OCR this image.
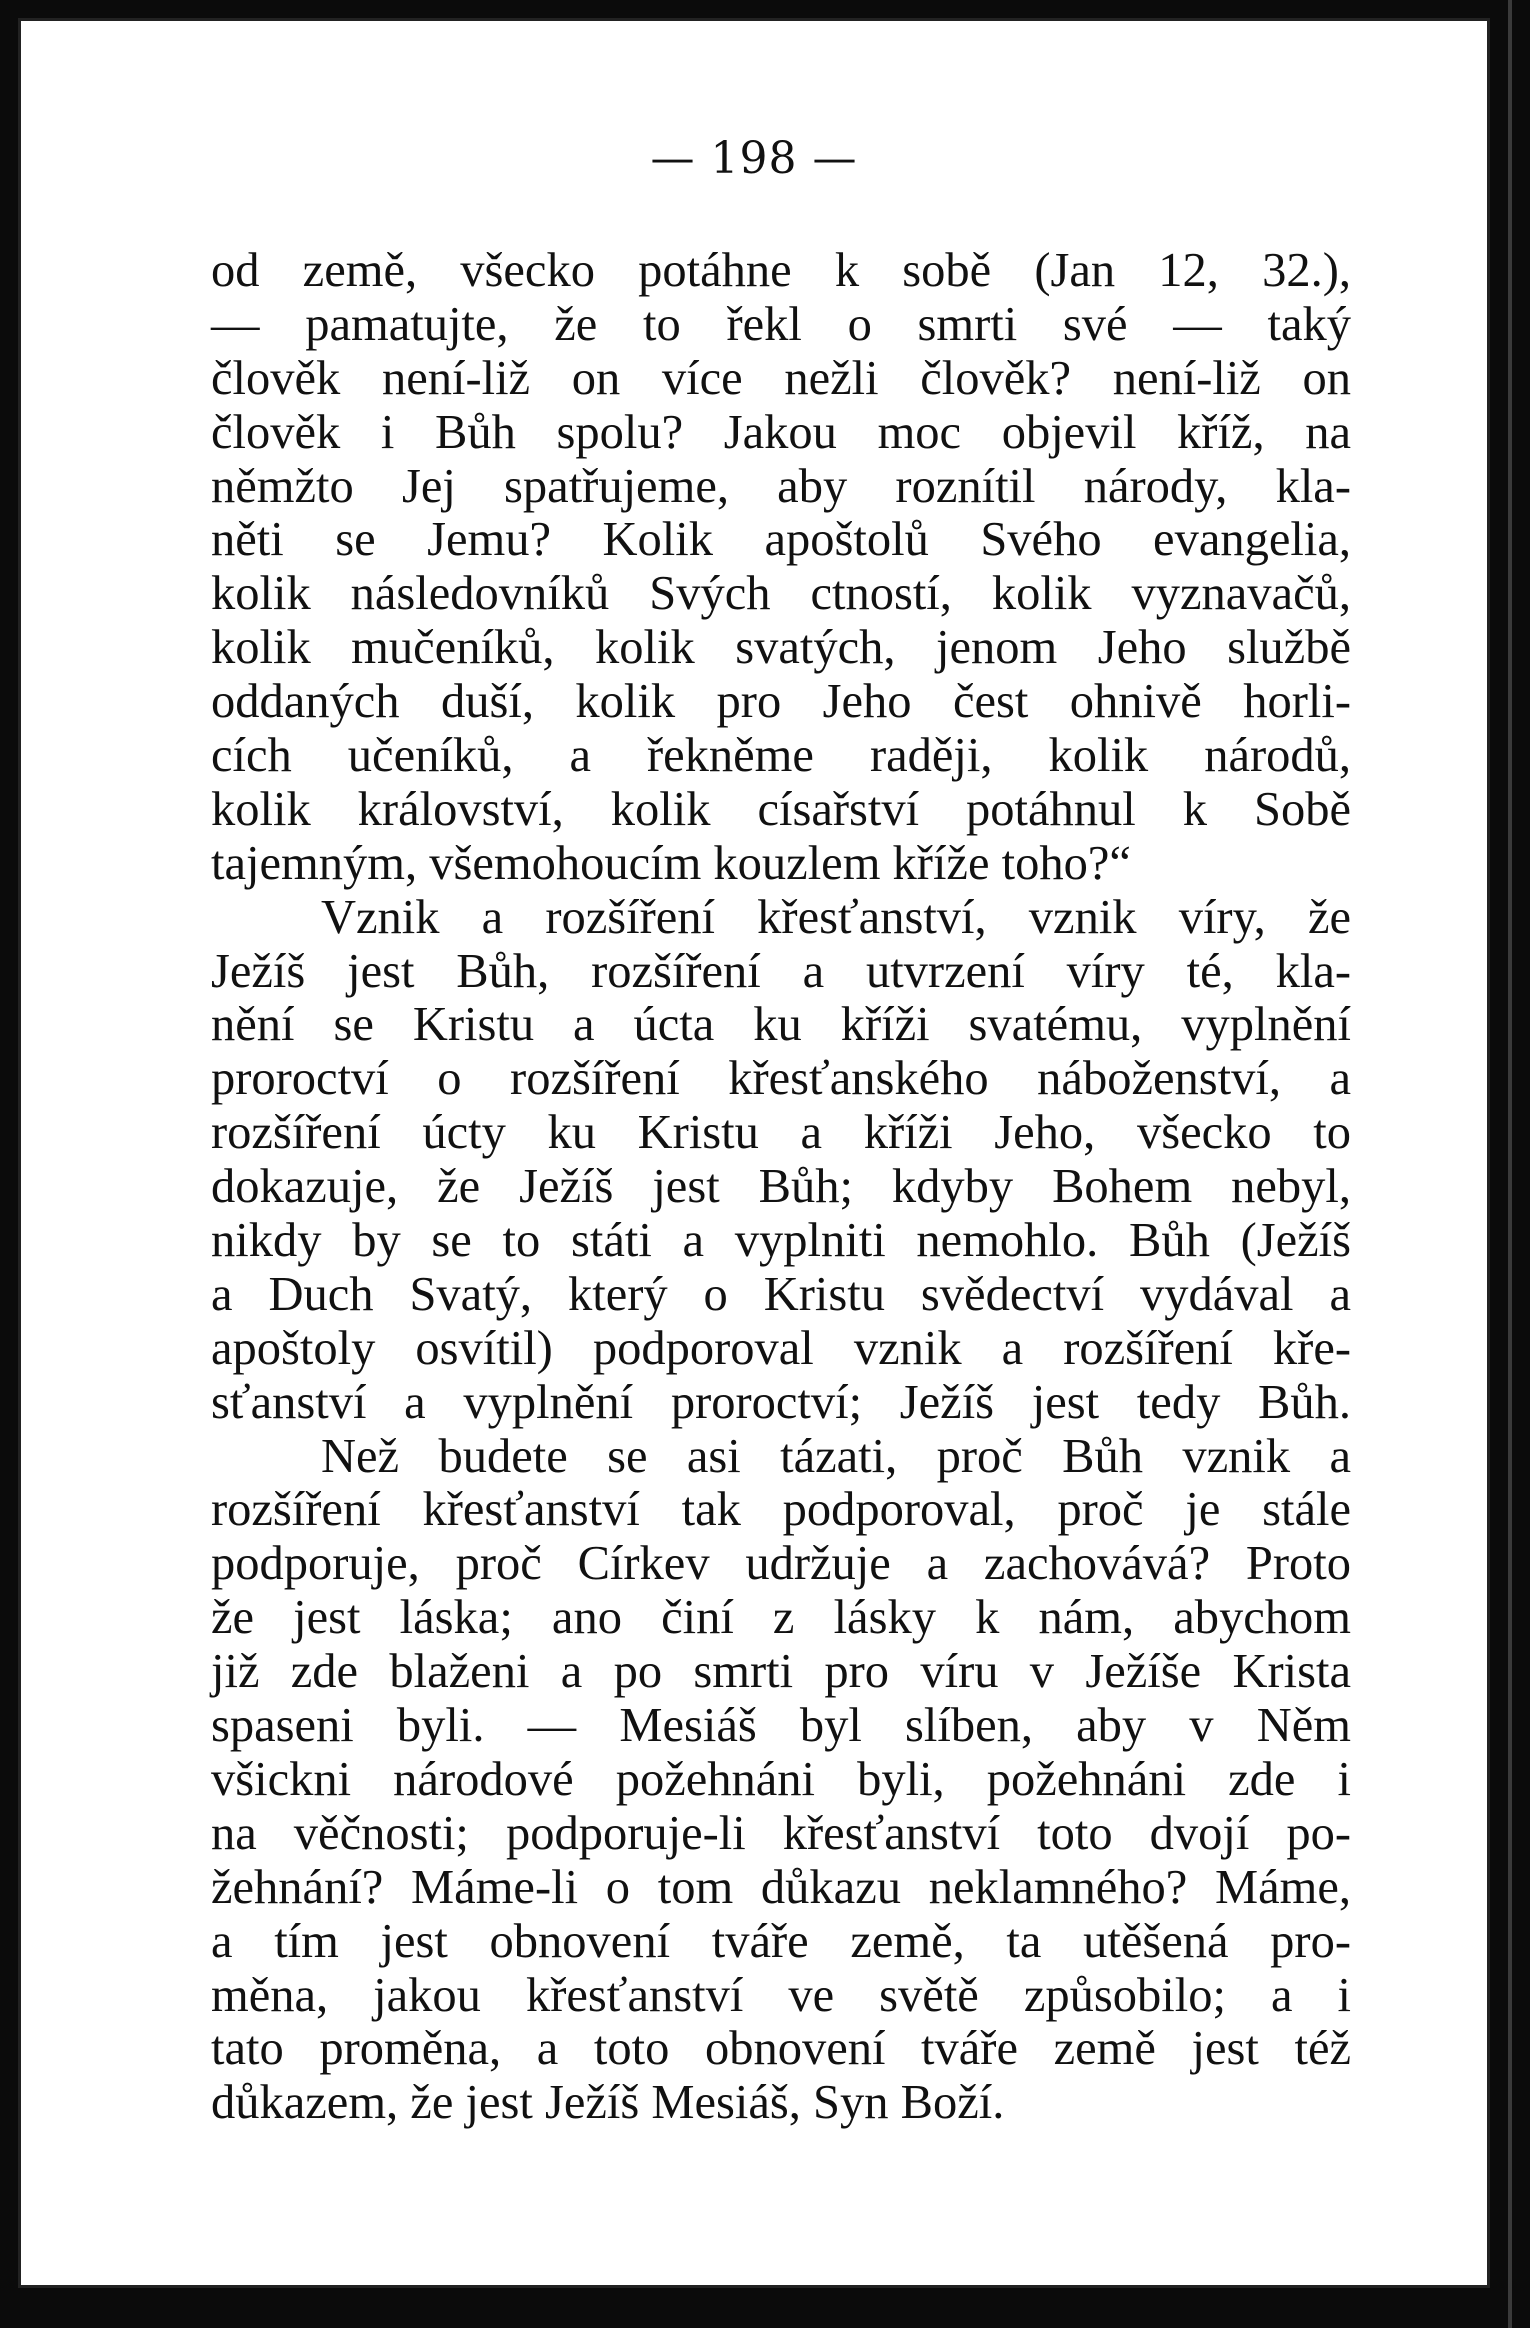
— 198 —
od země, všecko potáhne k sobě (Jan 12, 32.),
— pamatujte, že to řekl o smrti své — taký
člověk není-liž on více nežli člověk? není-liž on
člověk i Bůh spolu? Jakou moc objevil kříž, na
němžto Jej spatřujeme, aby roznítil národy, kla-
něti se Jemu? Kolik apoštolů Svého evangelia,
kolik následovníků Svých ctností, kolik vyznavačů,
kolik mučeníků, kolik svatých, jenom Jeho službě
oddaných duší, kolik pro Jeho čest ohnivě horli-
cích učeníků, a řekněme raději, kolik národů,
kolik království, kolik císařství potáhnul k Sobě
tajemným, všemohoucím kouzlem kříže toho?“
Vznik a rozšíření křesťanství, vznik víry, že
Ježíš jest Bůh, rozšíření a utvrzení víry té, kla-
nění se Kristu a úcta ku kříži svatému, vyplnění
proroctví o rozšíření křesťanského náboženství, a
rozšíření úcty ku Kristu a kříži Jeho, všecko to
dokazuje, že Ježíš jest Bůh; kdyby Bohem nebyl,
nikdy by se to státi a vyplniti nemohlo. Bůh (Ježíš
a Duch Svatý, který o Kristu svědectví vydával a
apoštoly osvítil) podporoval vznik a rozšíření kře-
sťanství a vyplnění proroctví; Ježíš jest tedy Bůh.
Než budete se asi tázati, proč Bůh vznik a
rozšíření křesťanství tak podporoval, proč je stále
podporuje, proč Církev udržuje a zachovává? Proto
že jest láska; ano činí z lásky k nám, abychom
již zde blaženi a po smrti pro víru v Ježíše Krista
spaseni byli. — Mesiáš byl slíben, aby v Něm
všickni národové požehnáni byli, požehnáni zde i
na věčnosti; podporuje-li křesťanství toto dvojí po-
žehnání? Máme-li o tom důkazu neklamného? Máme,
a tím jest obnovení tváře země, ta utěšená pro-
měna, jakou křesťanství ve světě způsobilo; a i
tato proměna, a toto obnovení tváře země jest též
důkazem, že jest Ježíš Mesiáš, Syn Boží.
